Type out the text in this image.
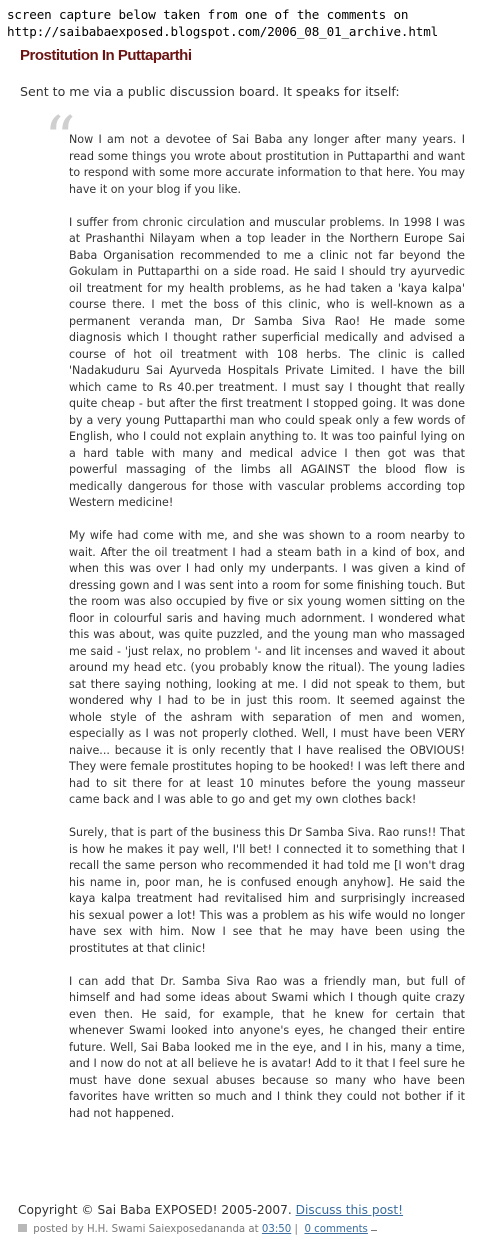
screen capture below taken from one of the comments on
http://saibabaexposed.blogspot.com/2006_08_01_archive.html
Prostitution In Puttaparthi
Sent to me via a public discussion board. It speaks for itself:
“

Now I am not a devotee of Sai Baba any longer after many years. I read some things you wrote about prostitution in Puttaparthi and want to respond with some more accurate information to that here. You may have it on your blog if you like.

I suffer from chronic circulation and muscular problems. In 1998 I was at Prashanthi Nilayam when a top leader in the Northern Europe Sai Baba Organisation recommended to me a clinic not far beyond the Gokulam in Puttaparthi on a side road. He said I should try ayurvedic oil treatment for my health problems, as he had taken a 'kaya kalpa' course there. I met the boss of this clinic, who is well-known as a permanent veranda man, Dr Samba Siva Rao! He made some diagnosis which I thought rather superficial medically and advised a course of hot oil treatment with 108 herbs. The clinic is called 'Nadakuduru Sai Ayurveda Hospitals Private Limited. I have the bill which came to Rs 40.per treatment. I must say I thought that really quite cheap - but after the first treatment I stopped going. It was done by a very young Puttaparthi man who could speak only a few words of English, who I could not explain anything to. It was too painful lying on a hard table with many and medical advice I then got was that powerful massaging of the limbs all AGAINST the blood flow is medically dangerous for those with vascular problems according top Western medicine!

My wife had come with me, and she was shown to a room nearby to wait. After the oil treatment I had a steam bath in a kind of box, and when this was over I had only my underpants. I was given a kind of dressing gown and I was sent into a room for some finishing touch. But the room was also occupied by five or six young women sitting on the floor in colourful saris and having much adornment. I wondered what this was about, was quite puzzled, and the young man who massaged me said - 'just relax, no problem '- and lit incenses and waved it about around my head etc. (you probably know the ritual). The young ladies sat there saying nothing, looking at me. I did not speak to them, but wondered why I had to be in just this room. It seemed against the whole style of the ashram with separation of men and women, especially as I was not properly clothed. Well, I must have been VERY naive... because it is only recently that I have realised the OBVIOUS! They were female prostitutes hoping to be hooked! I was left there and had to sit there for at least 10 minutes before the young masseur came back and I was able to go and get my own clothes back!

Surely, that is part of the business this Dr Samba Siva. Rao runs!! That is how he makes it pay well, I'll bet! I connected it to something that I recall the same person who recommended it had told me [I won't drag his name in, poor man, he is confused enough anyhow]. He said the kaya kalpa treatment had revitalised him and surprisingly increased his sexual power a lot! This was a problem as his wife would no longer have sex with him. Now I see that he may have been using the prostitutes at that clinic!

I can add that Dr. Samba Siva Rao was a friendly man, but full of himself and had some ideas about Swami which I though quite crazy even then. He said, for example, that he knew for certain that whenever Swami looked into anyone's eyes, he changed their entire future. Well, Sai Baba looked me in the eye, and I in his, many a time, and I now do not at all believe he is avatar! Add to it that I feel sure he must have done sexual abuses because so many who have been favorites have written so much and I think they could not bother if it had not happened.

Copyright © Sai Baba EXPOSED! 2005-2007. Discuss this post!
posted by H.H. Swami Saiexposedananda at 03:50 | 0 comments
